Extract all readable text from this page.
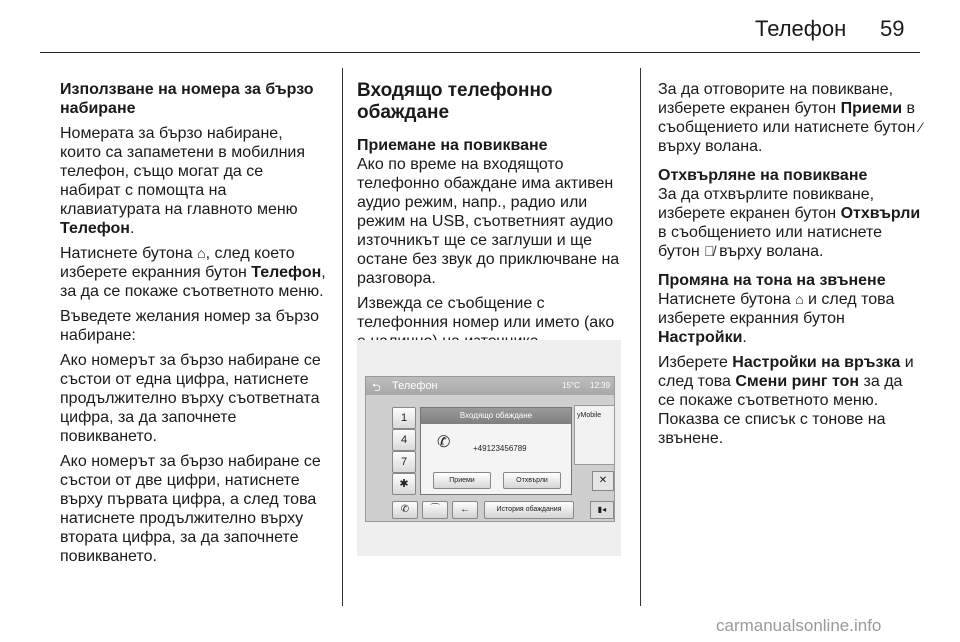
Телефон 59

Използване на номера за бързо набиране

Номерата за бързо набиране, които са запаметени в мобилния телефон, също могат да се набират с помощта на клавиатурата на главното меню Телефон.

Натиснете бутона ⌂, след което изберете екранния бутон Телефон, за да се покаже съответното меню.

Въведете желания номер за бързо набиране:

Ако номерът за бързо набиране се състои от една цифра, натиснете продължително върху съответната цифра, за да започнете повикването.

Ако номерът за бързо набиране се състои от две цифри, натиснете върху първата цифра, а след това натиснете продължително върху втората цифра, за да започнете повикването.

Входящо телефонно обаждане

Приемане на повикване

Ако по време на входящото телефонно обаждане има активен аудио режим, напр., радио или режим на USB, съответният аудио източникът ще се заглуши и ще остане без звук до приключване на разговора.

Извежда се съобщение с телефонния номер или името (ако

⮌ Телефон	15°C 12:39
1
4
7
✱
yMobile
✕
Входящо обаждане
✆	+49123456789
Приеми	Отхвърли
✆	⌒	←	История обаждания	▮◂

За да отговорите на повикване, изберете екранен бутон Приеми в съобщението или натиснете бутон ⁄ върху волана.

Отхвърляне на повикване

За да отхвърлите повикване, изберете екранен бутон Отхвърли в съобщението или натиснете бутон ⌒̸ върху волана.

Промяна на тона на звънене

Натиснете бутона ⌂ и след това изберете екранния бутон Настройки.

Изберете Настройки на връзка и след това Смени ринг тон за да се покаже съответното меню. Показва се списък с тонове на звънене.

carmanualsonline.info
